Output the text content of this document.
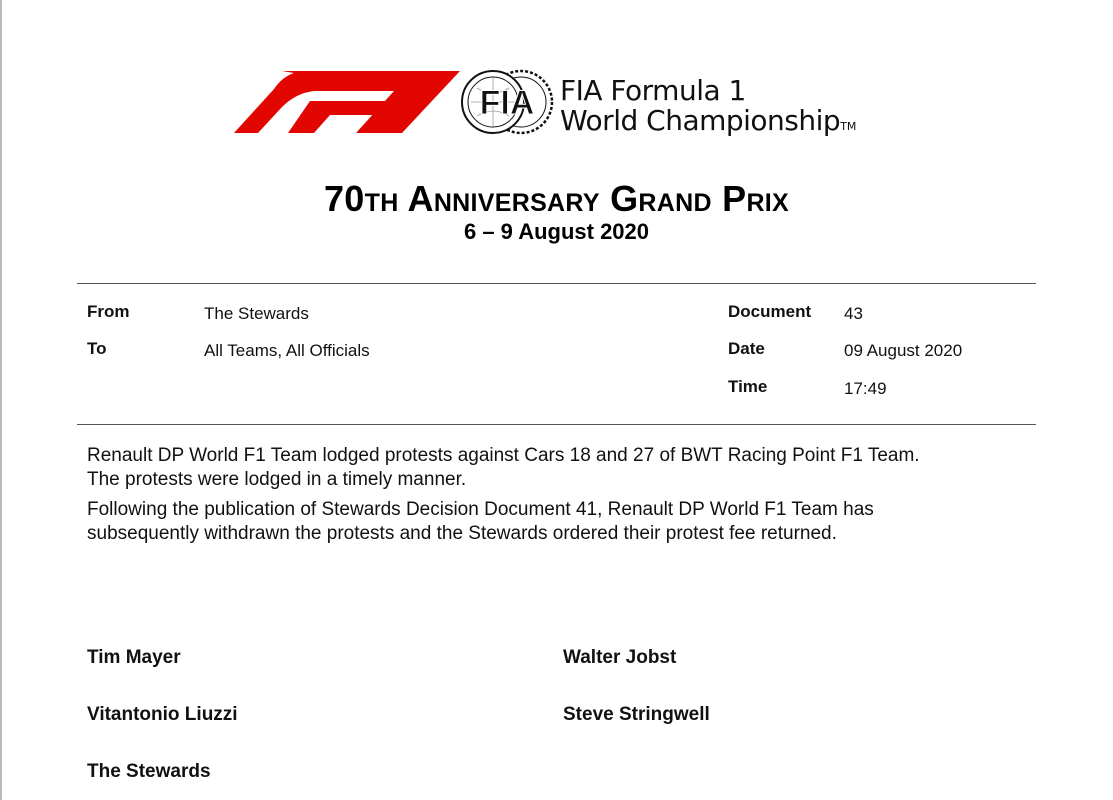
FIA FIA Formula 1
World ChampionshipTM
70th Anniversary Grand Prix
6 – 9 August 2020
From	The Stewards
To	All Teams, All Officials
Document 43
Date	09 August 2020
Time	17:49
Renault DP World F1 Team lodged protests against Cars 18 and 27 of BWT Racing Point F1 Team.
The protests were lodged in a timely manner.
Following the publication of Stewards Decision Document 41, Renault DP World F1 Team has
subsequently withdrawn the protests and the Stewards ordered their protest fee returned.
Tim Mayer	Walter Jobst
Vitantonio Liuzzi	Steve Stringwell
The Stewards
